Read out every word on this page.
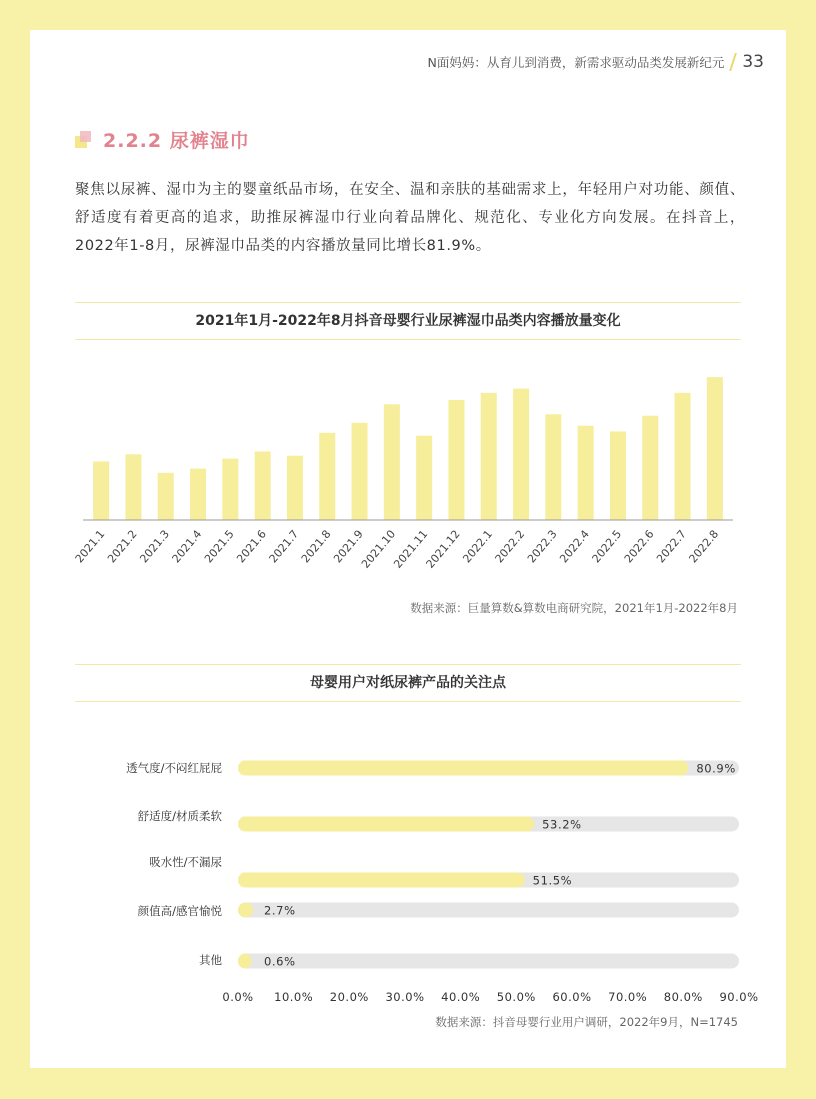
N面妈妈：从育儿到消费，新需求驱动品类发展新纪元 33
2.2.2 尿裤湿巾
聚焦以尿裤、湿巾为主的婴童纸品市场，在安全、温和亲肤的基础需求上，年轻用户对功能、颜值、舒适度有着更高的追求，助推尿裤湿巾行业向着品牌化、规范化、专业化方向发展。在抖音上，2022年1-8月，尿裤湿巾品类的内容播放量同比增长81.9%。
2021年1月-2022年8月抖音母婴行业尿裤湿巾品类内容播放量变化
2021.1
2021.2
2021.3
2021.4
2021.5
2021.6
2021.7
2021.8
2021.9
2021.10
2021.11
2021.12
2022.1
2022.2
2022.3
2022.4
2022.5
2022.6
2022.7
2022.8
数据来源：巨量算数&算数电商研究院，2021年1月-2022年8月
母婴用户对纸尿裤产品的关注点
80.9%
透气度/不闷红屁屁
53.2%
舒适度/材质柔软
51.5%
吸水性/不漏尿
2.7%
颜值高/感官愉悦
0.6%
其他
0.0% 10.0% 20.0% 30.0% 40.0% 50.0% 60.0% 70.0% 80.0% 90.0%
数据来源：抖音母婴行业用户调研，2022年9月，N=1745
